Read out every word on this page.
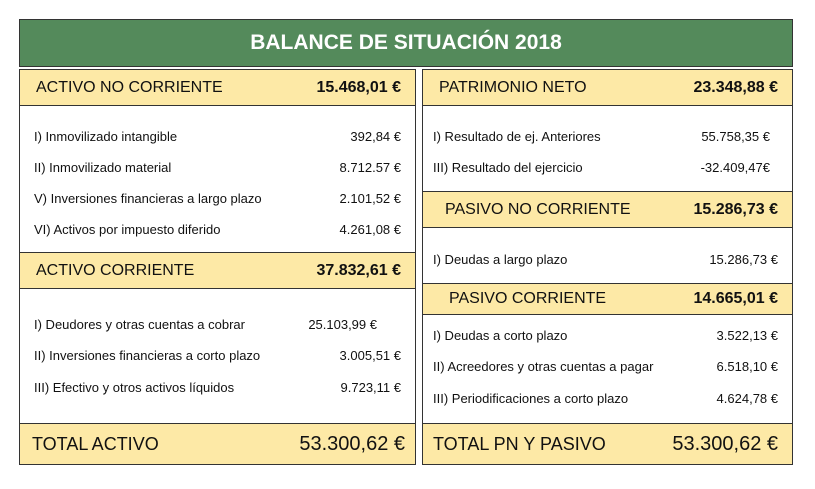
BALANCE DE SITUACIÓN 2018
ACTIVO NO CORRIENTE	15.468,01 €
I) Inmovilizado intangible	392,84 €
II) Inmovilizado material	8.712.57 €
V) Inversiones financieras a largo plazo	2.101,52 €
VI) Activos por impuesto diferido	4.261,08 €
ACTIVO CORRIENTE	37.832,61 €
I) Deudores y otras cuentas a cobrar	25.103,99 €
II) Inversiones financieras a corto plazo	3.005,51 €
III) Efectivo y otros activos líquidos	9.723,11 €
TOTAL ACTIVO	53.300,62 €
PATRIMONIO NETO	23.348,88 €
I) Resultado de ej. Anteriores	55.758,35 €
III) Resultado del ejercicio	-32.409,47€
PASIVO NO CORRIENTE	15.286,73 €
I) Deudas a largo plazo	15.286,73 €
PASIVO CORRIENTE	14.665,01 €
I) Deudas a corto plazo	3.522,13 €
II) Acreedores y otras cuentas a pagar	6.518,10 €
III) Periodificaciones a corto plazo	4.624,78 €
TOTAL PN Y PASIVO	53.300,62 €
